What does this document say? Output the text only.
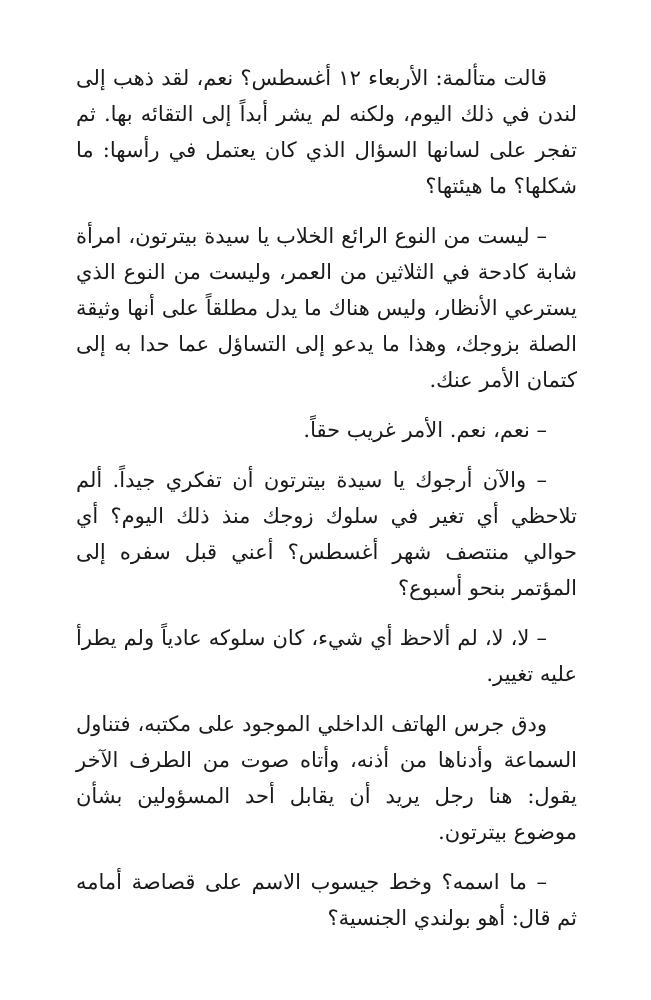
قالت متألمة: الأربعاء ١٢ أغسطس؟ نعم، لقد ذهب إلى لندن في ذلك اليوم، ولكنه لم يشر أبداً إلى التقائه بها. ثم تفجر على لسانها السؤال الذي كان يعتمل في رأسها: ما شكلها؟ ما هيئتها؟

– ليست من النوع الرائع الخلاب يا سيدة بيترتون، امرأة شابة كادحة في الثلاثين من العمر، وليست من النوع الذي يسترعي الأنظار، وليس هناك ما يدل مطلقاً على أنها وثيقة الصلة بزوجك، وهذا ما يدعو إلى التساؤل عما حدا به إلى كتمان الأمر عنك.

– نعم، نعم. الأمر غريب حقاً.

– والآن أرجوك يا سيدة بيترتون أن تفكري جيداً. ألم تلاحظي أي تغير في سلوك زوجك منذ ذلك اليوم؟ أي حوالي منتصف شهر أغسطس؟ أعني قبل سفره إلى المؤتمر بنحو أسبوع؟

– لا، لا، لم ألاحظ أي شيء، كان سلوكه عادياً ولم يطرأ عليه تغيير.

ودق جرس الهاتف الداخلي الموجود على مكتبه، فتناول السماعة وأدناها من أذنه، وأتاه صوت من الطرف الآخر يقول: هنا رجل يريد أن يقابل أحد المسؤولين بشأن موضوع بيترتون.

– ما اسمه؟ وخط جيسوب الاسم على قصاصة أمامه ثم قال: أهو بولندي الجنسية؟
